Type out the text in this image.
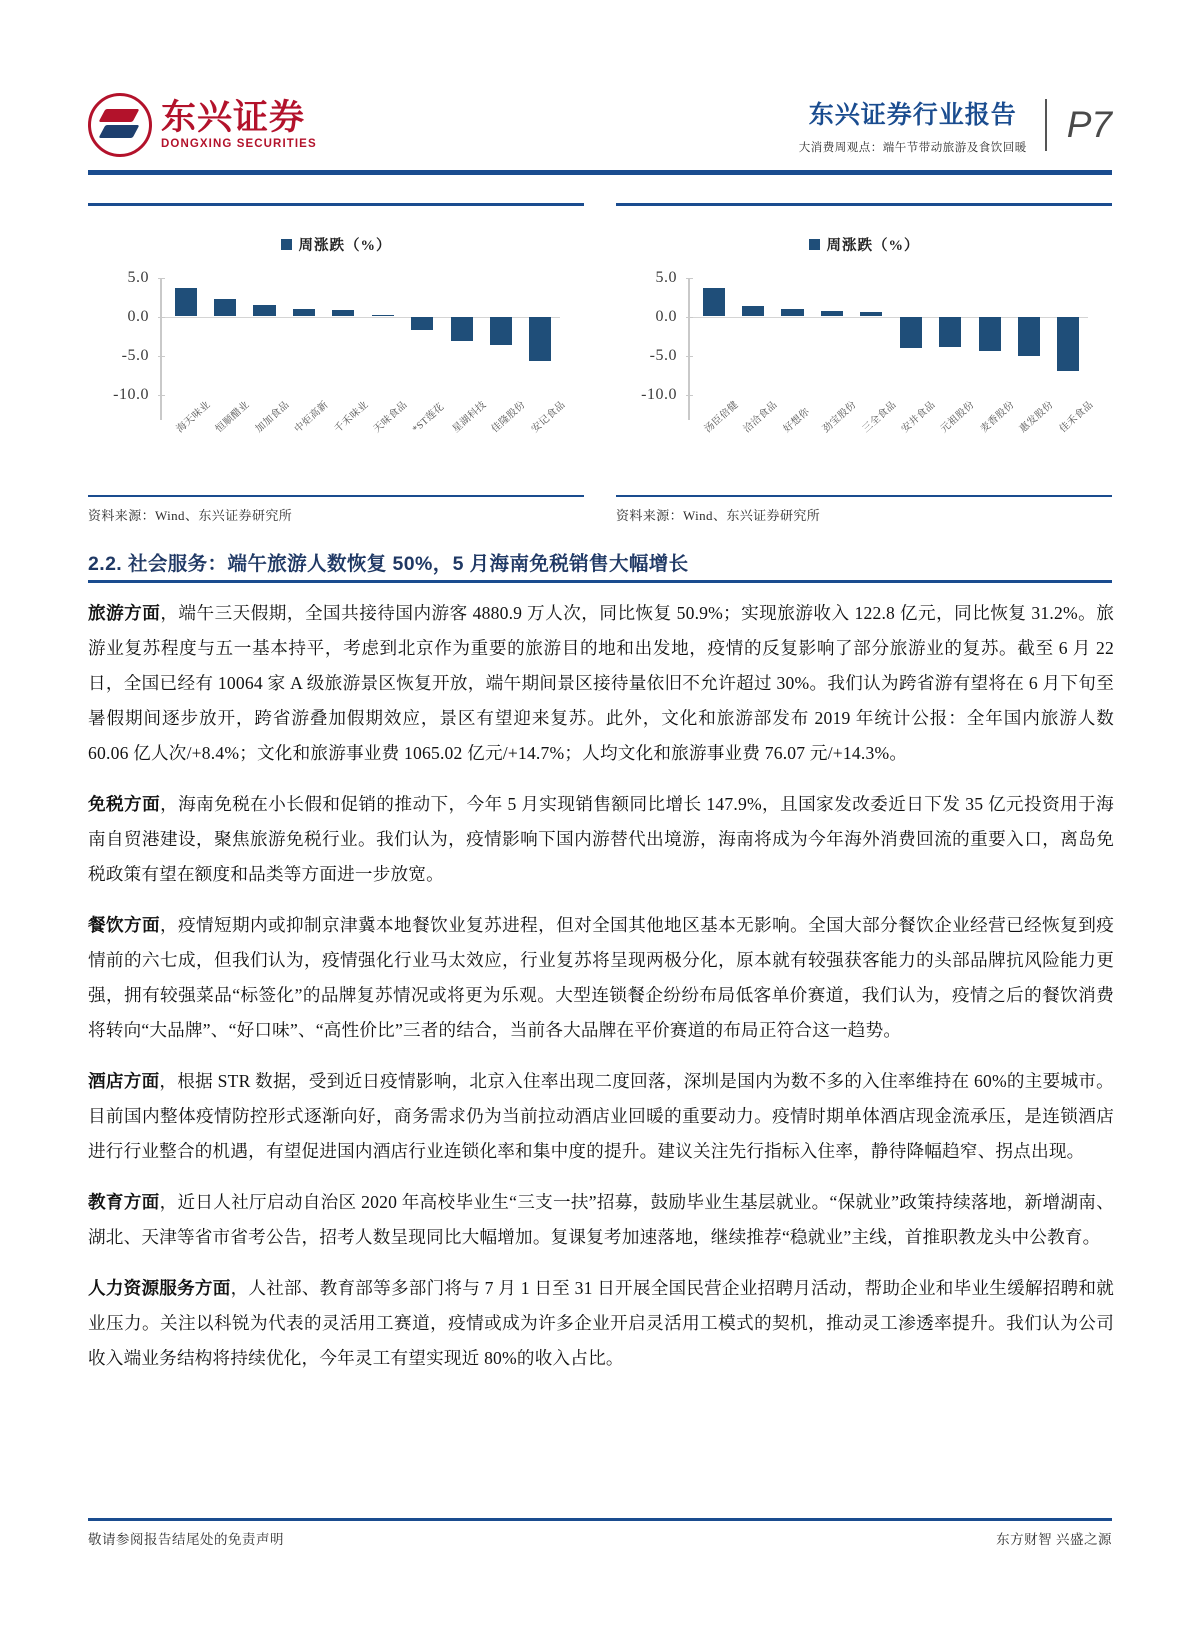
东兴证券
DONGXING SECURITIES
东兴证券行业报告
大消费周观点：端午节带动旅游及食饮回暖
P7
周涨跌（%）
5.0
0.0
-5.0
-10.0
海天味业 恒顺醋业 加加食品 中炬高新 千禾味业 天味食品 *ST莲花 星湖科技 佳隆股份 安记食品
资料来源：Wind、东兴证券研究所
周涨跌（%）
5.0
0.0
-5.0
-10.0
汤臣倍健 洽洽食品 好想你 劲宝股份 三全食品 安井食品 元祖股份 麦香股份 惠发股份 佳禾食品
资料来源：Wind、东兴证券研究所
2.2. 社会服务：端午旅游人数恢复 50%，5 月海南免税销售大幅增长
旅游方面，端午三天假期，全国共接待国内游客 4880.9 万人次，同比恢复 50.9%；实现旅游收入 122.8 亿元，同比恢复 31.2%。旅游业复苏程度与五一基本持平，考虑到北京作为重要的旅游目的地和出发地，疫情的反复影响了部分旅游业的复苏。截至 6 月 22 日，全国已经有 10064 家 A 级旅游景区恢复开放，端午期间景区接待量依旧不允许超过 30%。我们认为跨省游有望将在 6 月下旬至暑假期间逐步放开，跨省游叠加假期效应，景区有望迎来复苏。此外，文化和旅游部发布 2019 年统计公报：全年国内旅游人数 60.06 亿人次/+8.4%；文化和旅游事业费 1065.02 亿元/+14.7%；人均文化和旅游事业费 76.07 元/+14.3%。
免税方面，海南免税在小长假和促销的推动下，今年 5 月实现销售额同比增长 147.9%，且国家发改委近日下发 35 亿元投资用于海南自贸港建设，聚焦旅游免税行业。我们认为，疫情影响下国内游替代出境游，海南将成为今年海外消费回流的重要入口，离岛免税政策有望在额度和品类等方面进一步放宽。
餐饮方面，疫情短期内或抑制京津冀本地餐饮业复苏进程，但对全国其他地区基本无影响。全国大部分餐饮企业经营已经恢复到疫情前的六七成，但我们认为，疫情强化行业马太效应，行业复苏将呈现两极分化，原本就有较强获客能力的头部品牌抗风险能力更强，拥有较强菜品“标签化”的品牌复苏情况或将更为乐观。大型连锁餐企纷纷布局低客单价赛道，我们认为，疫情之后的餐饮消费将转向“大品牌”、“好口味”、“高性价比”三者的结合，当前各大品牌在平价赛道的布局正符合这一趋势。
酒店方面，根据 STR 数据，受到近日疫情影响，北京入住率出现二度回落，深圳是国内为数不多的入住率维持在 60%的主要城市。目前国内整体疫情防控形式逐渐向好，商务需求仍为当前拉动酒店业回暖的重要动力。疫情时期单体酒店现金流承压，是连锁酒店进行行业整合的机遇，有望促进国内酒店行业连锁化率和集中度的提升。建议关注先行指标入住率，静待降幅趋窄、拐点出现。
教育方面，近日人社厅启动自治区 2020 年高校毕业生“三支一扶”招募，鼓励毕业生基层就业。“保就业”政策持续落地，新增湖南、湖北、天津等省市省考公告，招考人数呈现同比大幅增加。复课复考加速落地，继续推荐“稳就业”主线，首推职教龙头中公教育。
人力资源服务方面，人社部、教育部等多部门将与 7 月 1 日至 31 日开展全国民营企业招聘月活动，帮助企业和毕业生缓解招聘和就业压力。关注以科锐为代表的灵活用工赛道，疫情或成为许多企业开启灵活用工模式的契机，推动灵工渗透率提升。我们认为公司收入端业务结构将持续优化，今年灵工有望实现近 80%的收入占比。
敬请参阅报告结尾处的免责声明	东方财智 兴盛之源
